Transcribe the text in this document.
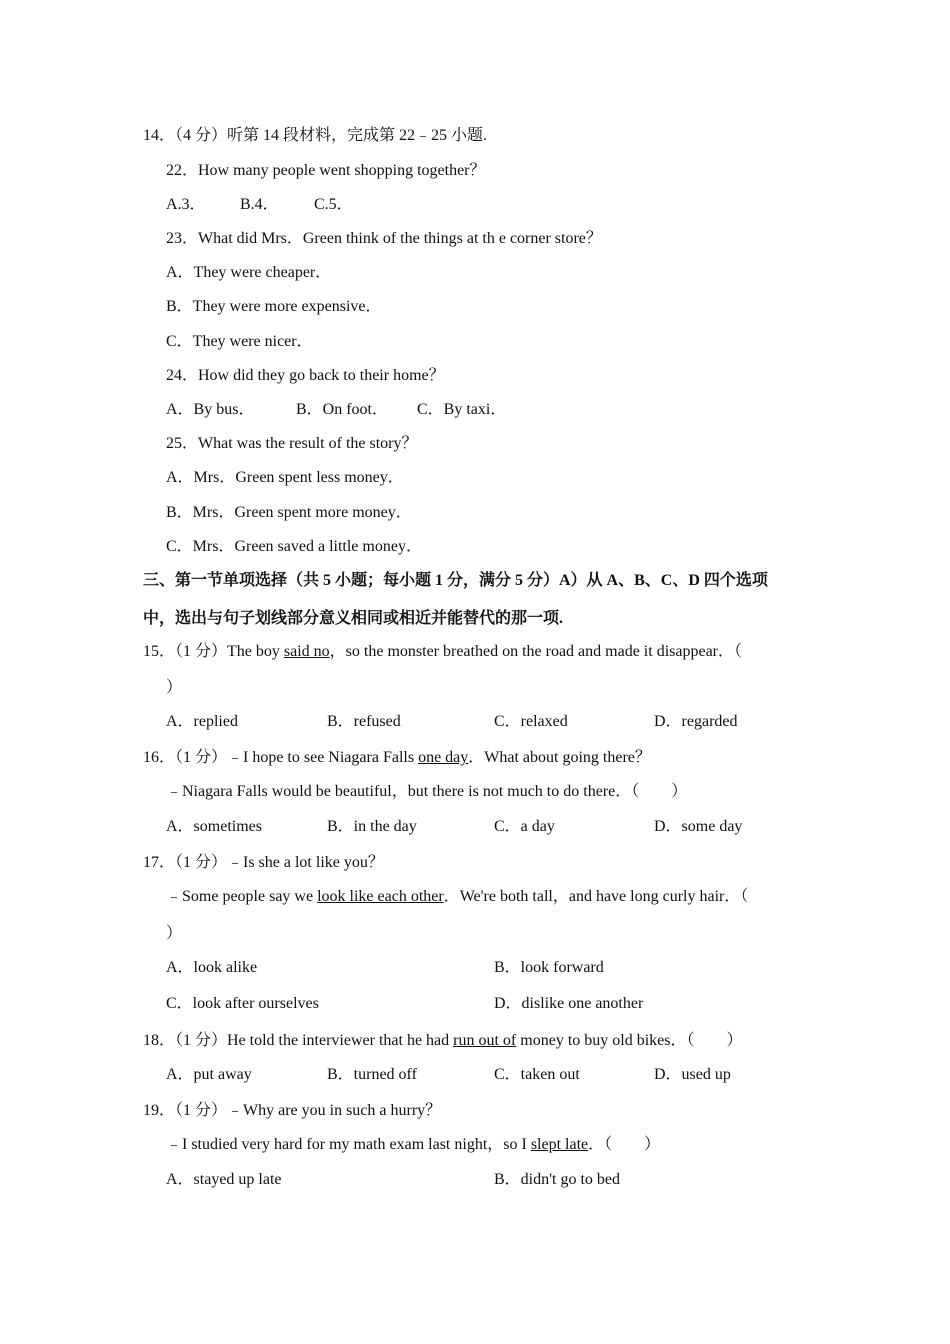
14．（4 分）听第 14 段材料，完成第 22﹣25 小题.
22．How many people went shopping together？
A.3． B.4． C.5．
23．What did Mrs．Green think of the things at th e corner store？
A．They were cheaper．
B．They were more expensive．
C．They were nicer．
24．How did they go back to their home？
A．By bus．	B．On foot． C．By taxi．
25．What was the result of the story？
A．Mrs．Green spent less money．
B．Mrs．Green spent more money．
C．Mrs．Green saved a little money．
三、第一节单项选择（共 5 小题；每小题 1 分，满分 5 分）A）从 A、B、C、D 四个选项
中，选出与句子划线部分意义相同或相近并能替代的那一项.
15．（1 分）The boy said no，so the monster breathed on the road and made it disappear．（
）
A．replied	B．refused	C．relaxed	D．regarded
16．（1 分）﹣I hope to see Niagara Falls one day．What about going there？
﹣Niagara Falls would be beautiful，but there is not much to do there．（　　）
A．sometimes	B．in the day	C．a day	D．some day
17．（1 分）﹣Is she a lot like you？
﹣Some people say we look like each other．We're both tall，and have long curly hair．（
）
A．look alike	B．look forward
C．look after ourselves	D．dislike one another
18．（1 分）He told the interviewer that he had run out of money to buy old bikes．（　　）
A．put away	B．turned off	C．taken out	D．used up
19．（1 分）﹣Why are you in such a hurry？
﹣I studied very hard for my math exam last night，so I slept late．（　　）
A．stayed up late	B．didn't go to bed
